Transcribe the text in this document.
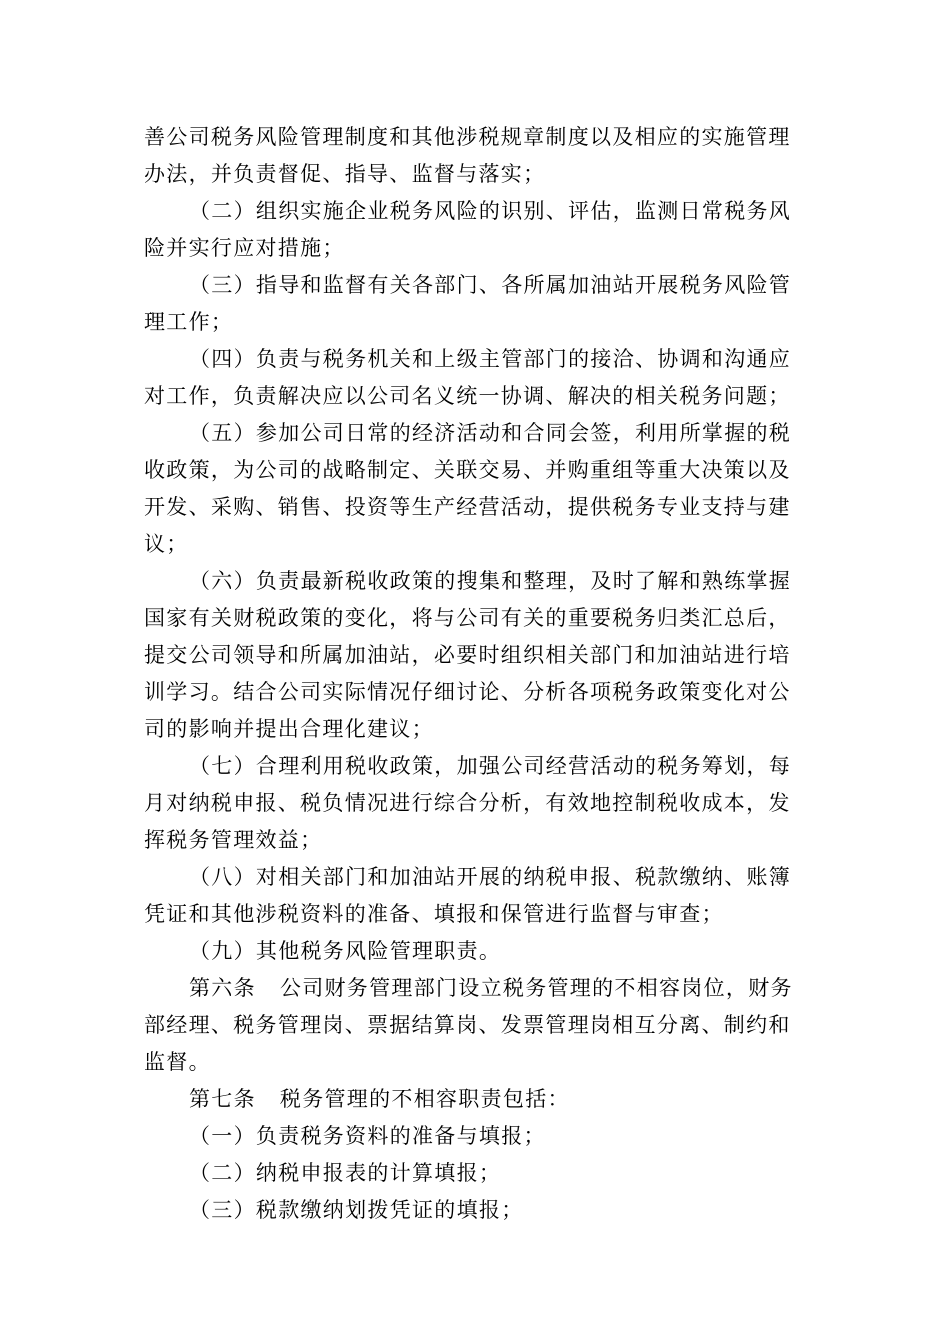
善公司税务风险管理制度和其他涉税规章制度以及相应的实施管理
办法，并负责督促、指导、监督与落实；
（二）组织实施企业税务风险的识别、评估，监测日常税务风
险并实行应对措施；
（三）指导和监督有关各部门、各所属加油站开展税务风险管
理工作；
（四）负责与税务机关和上级主管部门的接洽、协调和沟通应
对工作，负责解决应以公司名义统一协调、解决的相关税务问题；
（五）参加公司日常的经济活动和合同会签，利用所掌握的税
收政策，为公司的战略制定、关联交易、并购重组等重大决策以及
开发、采购、销售、投资等生产经营活动，提供税务专业支持与建
议；
（六）负责最新税收政策的搜集和整理，及时了解和熟练掌握
国家有关财税政策的变化，将与公司有关的重要税务归类汇总后，
提交公司领导和所属加油站，必要时组织相关部门和加油站进行培
训学习。结合公司实际情况仔细讨论、分析各项税务政策变化对公
司的影响并提出合理化建议；
（七）合理利用税收政策，加强公司经营活动的税务筹划，每
月对纳税申报、税负情况进行综合分析，有效地控制税收成本，发
挥税务管理效益；
（八）对相关部门和加油站开展的纳税申报、税款缴纳、账簿
凭证和其他涉税资料的准备、填报和保管进行监督与审查；
（九）其他税务风险管理职责。
第六条 公司财务管理部门设立税务管理的不相容岗位，财务
部经理、税务管理岗、票据结算岗、发票管理岗相互分离、制约和
监督。
第七条 税务管理的不相容职责包括：
（一）负责税务资料的准备与填报；
（二）纳税申报表的计算填报；
（三）税款缴纳划拨凭证的填报；
